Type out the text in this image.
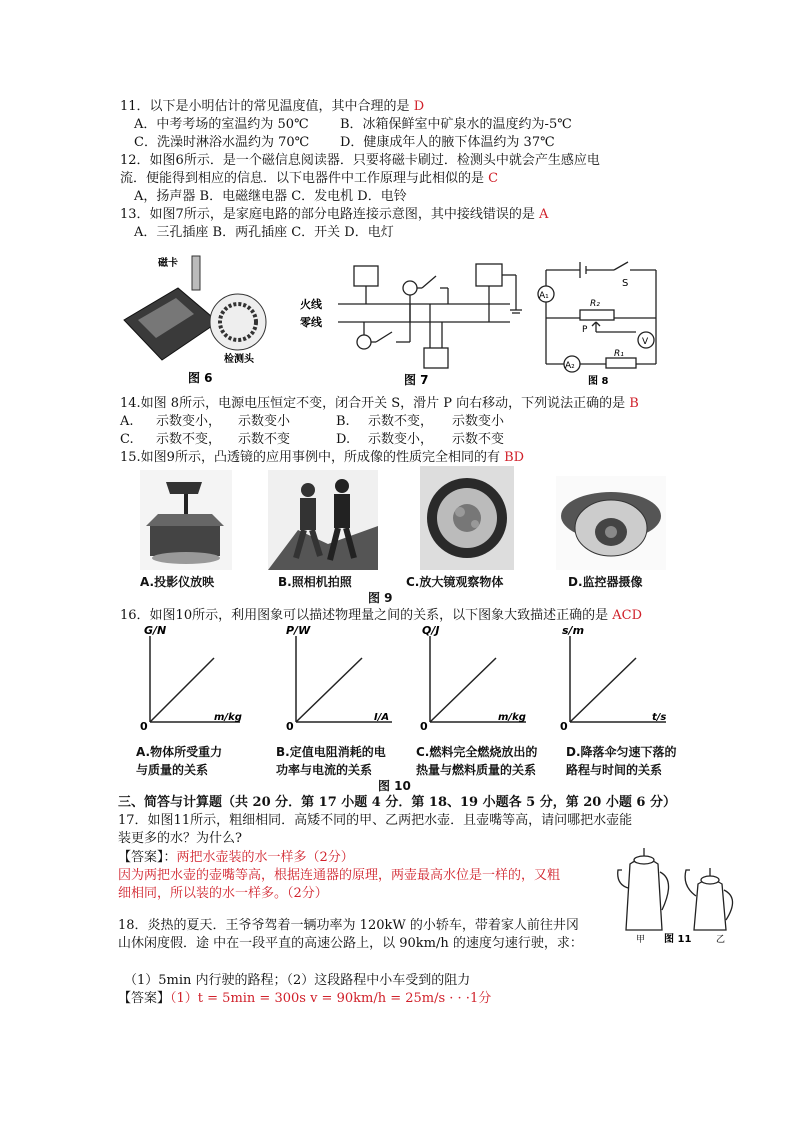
11．以下是小明估计的常见温度值，其中合理的是 D
A．中考考场的室温约为 50℃ B．冰箱保鲜室中矿泉水的温度约为-5℃
C．洗澡时淋浴水温约为 70℃ D．健康成年人的腋下体温约为 37℃
12．如图6所示．是一个磁信息阅读器．只要将磁卡刷过．检测头中就会产生感应电
流．便能得到相应的信息．以下电器件中工作原理与此相似的是 C
A，扬声器 B．电磁继电器 C．发电机 D．电铃
13．如图7所示，是家庭电路的部分电路连接示意图，其中接线错误的是 A
A．三孔插座 B．两孔插座 C．开关 D．电灯
磁卡
检测头
图 6
火线
零线
图 7
A₁
A₂
V
R₂
R₁
P
S
图 8
14.如图 8所示，电源电压恒定不变，闭合开关 S，滑片 P 向右移动，下列说法正确的是 B
A. 示数变小， 示数变小	B. 示数不变， 示数变小
C. 示数不变， 示数不变	D. 示数变小， 示数不变
15.如图9所示，凸透镜的应用事例中，所成像的性质完全相同的有 BD
A.投影仪放映	B.照相机拍照	C.放大镜观察物体	D.监控器摄像
图 9
16．如图10所示，利用图象可以描述物理量之间的关系，以下图象大致描述正确的是 ACD
G/N
m/kg
0
P/W
I/A
0
Q/J
m/kg
0
s/m
t/s
0
A.物体所受重力
与质量的关系
B.定值电阻消耗的电
功率与电流的关系
C.燃料完全燃烧放出的
热量与燃料质量的关系
D.降落伞匀速下落的
路程与时间的关系
图 10
三、简答与计算题（共 20 分．第 17 小题 4 分．第 18、19 小题各 5 分，第 20 小题 6 分）
17．如图11所示，粗细相同．高矮不同的甲、乙两把水壶．且壶嘴等高，请问哪把水壶能
装更多的水？为什么?
【答案】：两把水壶装的水一样多（2分）
因为两把水壶的壶嘴等高，根据连通器的原理，两壶最高水位是一样的，又粗
细相同，所以装的水一样多。（2分）
甲 图 11	乙
18．炎热的夏天．王爷爷驾着一辆功率为 120kW 的小轿车，带着家人前往井冈
山休闲度假．途 中在一段平直的高速公路上，以 90km/h 的速度匀速行驶，求：
（1）5min 内行驶的路程；（2）这段路程中小车受到的阻力
【答案】（1）t = 5min = 300s v = 90km/h = 25m/s · · ·1分
